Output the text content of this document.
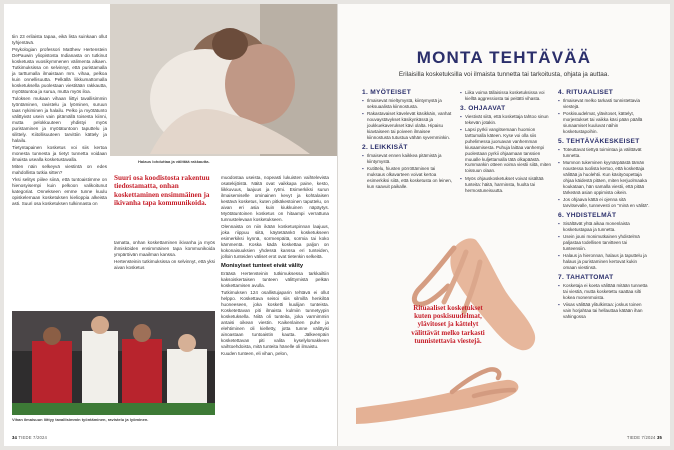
tiin 23 erilaista tapaa, eikä lista suinkaan ollut tyhjentävä.

Psykologian professori Matthew Hertenstein DePauwin yliopistosta Indianasta on tutkinut kosketusta vuosikymmenen välimenta alkaen. Tutkimuksissa on selvinnyt, että puristamalla ja tarttumalla ilmaistaan mm. vihaa, pelkoa kuin onnellisuutta. Pelkällä liikkumattomalla kosketuksella puolestaan viestitään rakkautta, myötätuntoa ja surua, mutta myös iloa.

Tuloksen mukaan vihaan liittyi tavallisimmin työntäminen, ravistelu ja lyöminen, suruun taas nykiminen ja halailu. Pelko ja myötätunto välittyivät usein vain pitämällä toisesta kiinni, mutta pelokkuuteen yhdistyi myös puristaminen ja myötätuntoon taputtelu ja silittely. Kiitollisuuteen tarvittiin kättely ja halailu.

Tietyntapainen kosketus voi siis kertoa monesta tunnesta ja tietyt tunnetta voidaan ilmaista usealla kosketustavalla.

Miten näin selkeyvä viestintä on edes mahdollista tutkia sitten?

Yksi selitys piilee siinä, että tuntoaistimme on hienosyisempi kuin pelkoon valikoitunut kategoriat. Onnekseen emme tunne kuulu opiskelemaan kosketuksen kielioppia alkeista asti. Suuri osa kosketuksen tulkinnasta on

Halaus lohduttaa ja välittää rakkautta.
Suuri osa koodistosta rakentuu tiedostamatta, onhan koskettaminen ensimmäinen ja ikivanha tapa kommunikoida.

tamatta, onhan koskettaminen ikivanha ja myös ihmisköiden ensimmäinen tapa kommunikoida ympäröivän maailman kanssa.

Hertensteinin tutkimuksissa on selvinnyt, että yksi aivan kosketus

muodostaa useista, nopeasti lukuisten vaihtelevista osatekijöistä. Näitä ovat vaikkapa paine, kesto, liikkuvuus, laajuus ja rytmi. Esimerkiksi surun ilmaisemiselle ominainen kevyt ja kohtalaisen kestävä kosketus, kuten pitkäkestoinen taputtelu, on aivan eri asia kuin kiukkuinen näpäytys. Myötätuntoinen kosketus on hitaampi verrattuna tunnustelevaan kosketukseen.

Olennaista on niin ikään kosketuspinnan laajuus, joka riippuu siitä, käytetäänkö kosketukseen esimerkiksi kynnä, sormenpäitä, sormia tai koko kämmentä. Koska kädä koskettaa paljon on kokonaisuuksien yhdessä kanssa eri tunteiden, jolloin tunteiden väliset erot ovat tietenkin selkeitä.

Monisyiset tunteet eivät välity

Erääsä Hertensteinin tutkimuksessa tarkkailtiin kaksoiskertaisen tunteen välittymistä pelkän koskettamisen avulla.

Tutkimuksen 124 osallistujaparin tehtävä ei ollut helppo. Koskettava seisoi siis silmillä henkilöä huoneeseen, joka kosketti kuulijan tunteista. Kosketettavan piti ilmaista kulmiin tunnetyypin kosketuksella. Niitä oli tunteita, joka varmimmin antaisi oikean viestin. Kaikenlainen puhe ja elehtiminen oli kielletty, jotta tunne välittyisi ainoastaan tuntoaistin kautta. Jälkeenpäin kosketettavan piti valita kyselylomakkeen vaihtoehdoista, mitä tunteita hänelle oli ilmaistu.

Kuuden tunteen, eli vihan, pelon,

Vihan ilmaisuun liittyy tavallisimmin työntäminen, ravistelu ja lyöminen.
34 TIEDE 7/2024
MONTA TEHTÄVÄÄ
Erilaisilla kosketuksilla voi ilmaista tunnetta tai tarkoitusta, ohjata ja auttaa.
1. MYÖTEISET
▪ Ilmaisevat mieltymystä, kiintymystä ja seksuaalista kiinnostusta.
▪ Rakastavaiset kävelevät käsikkäin, vanhat nouvaystävykset käsikynkässä ja joukkuekaverukset kävi olalta. Hipaisu kiavtaiseen tai poiveen ilmaisee kiinnostusta tutustua vähän syvemminkin.
2. LEIKKISÄT
▪ Ilmaisevat ennen kaikkea pitämistä ja kiintymystä.
▪ Kutittelu, hiusten pörröttäminen tai muksaus olkavarteen voivat kertoa esimerkiksi siitä, että kosketusta on leinen, kun saavuit paikalle.
▪ Liika voima tällaisissa kosketuksissa voi kielltä aggressiosta tai peitätti vihasta.
3. OHJAAVAT
▪ Viestivät siitä, että koskettaja tahtoo sinun tekevän jotakin.
▪ Lapsi pyrkii vangitsemaan huomion tarttumalla käteen. Kyse voi olla siis puhelimessa juoruavan vanhemman kiusaamisesta. Puhuja laittaa vanhempi puolestaan pyrkii ohjaamaan tanssien muualle kuljettamalla tätä olkapäästä. Kummankin otteen voima viestii siitä, miten toissuun olaan.
▪ Myös ohjauskosketukset voivat sisältää tunteita: häitä, harminsta, huolta tai hermostuneisuutta.
4. RITUAALISET
▪ Ilmaisevat melko tarkasti tunnistettavia viestejä.
▪ Poskisuudelmat, ylävitoset, kättelyt, morjestukset tai vaikka käsi pään päällä siunaamiset kuuluvat näihin kosketustapoihin.
5. TEHTÄVÄKESKEISET
▪ Toteuttavat tiettyä toimintaa ja välittävät tunnetta.
▪ Mumnon tukeminen kyynärpäästä tämän noustessa tuolista kertoo, että koskettaja välittää ja huolehtii. Kun käsityöopettaja ohjaa käidestä pitäen, miten kerjuolmaaka koukataan, hän samalla viestii, että pitää tärkeänä asian oppimista oikein.
▪ Jos ohjaava kättä ei ojenna sitä tarvitsevalle, tunnevesti on "minä en välitä".
6. YHDISTELMÄT
▪ Sisältävät yhtä aikaa monenlaista kosketustapaa ja tunnetta.
▪ Usein jouni monimutkainen yhdistelmä paljastaa todellisen tarvitteen tai tunteensiin.
▪ Halaus ja hieronnan, halaus ja taputtelu ja halaus ja puristaminen kertovat kukin omaan viestinsä.
7. TAHATTOMAT
▪ Kosketaja ei koeta välittää mitään tunnetta tai viestiä, mutta kosketettu saattaa silti kokea monenmoista.
▪ Viisas välittää ylitulkintaa: joskus toinen vain horjahtaa tai hellauttaa kätään ihan vahingossa
Rituaaliset kosketukset kuten poskisuudelmat, ylävitoset ja kättelyt välittävät melko tarkasti tunnistettavia viestejä.
TIEDE 7/2024 35
